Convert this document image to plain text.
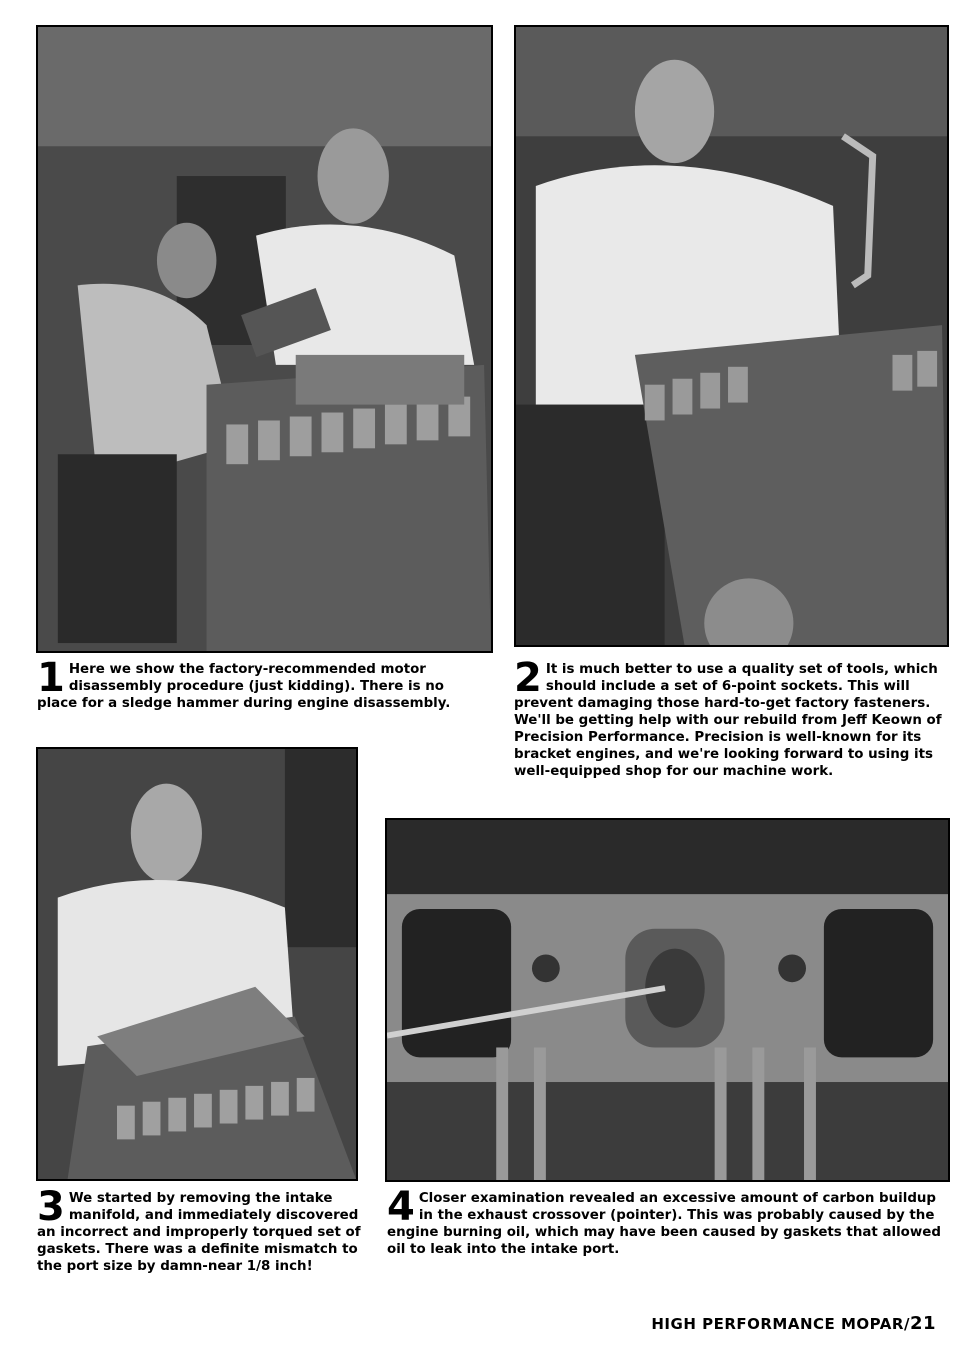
1 Here we show the factory-recommended motor disassembly procedure (just kidding). There is no place for a sledge hammer during engine disassembly.

2 It is much better to use a quality set of tools, which should include a set of 6-point sockets. This will prevent damaging those hard-to-get factory fasteners. We'll be getting help with our rebuild from Jeff Keown of Precision Performance. Precision is well-known for its bracket engines, and we're looking forward to using its well-equipped shop for our machine work.

3 We started by removing the intake manifold, and immediately discovered an incorrect and improperly torqued set of gaskets. There was a definite mismatch to the port size by damn-near 1/8 inch!

4 Closer examination revealed an excessive amount of carbon buildup in the exhaust crossover (pointer). This was probably caused by the engine burning oil, which may have been caused by gaskets that allowed oil to leak into the intake port.

HIGH PERFORMANCE MOPAR/21
